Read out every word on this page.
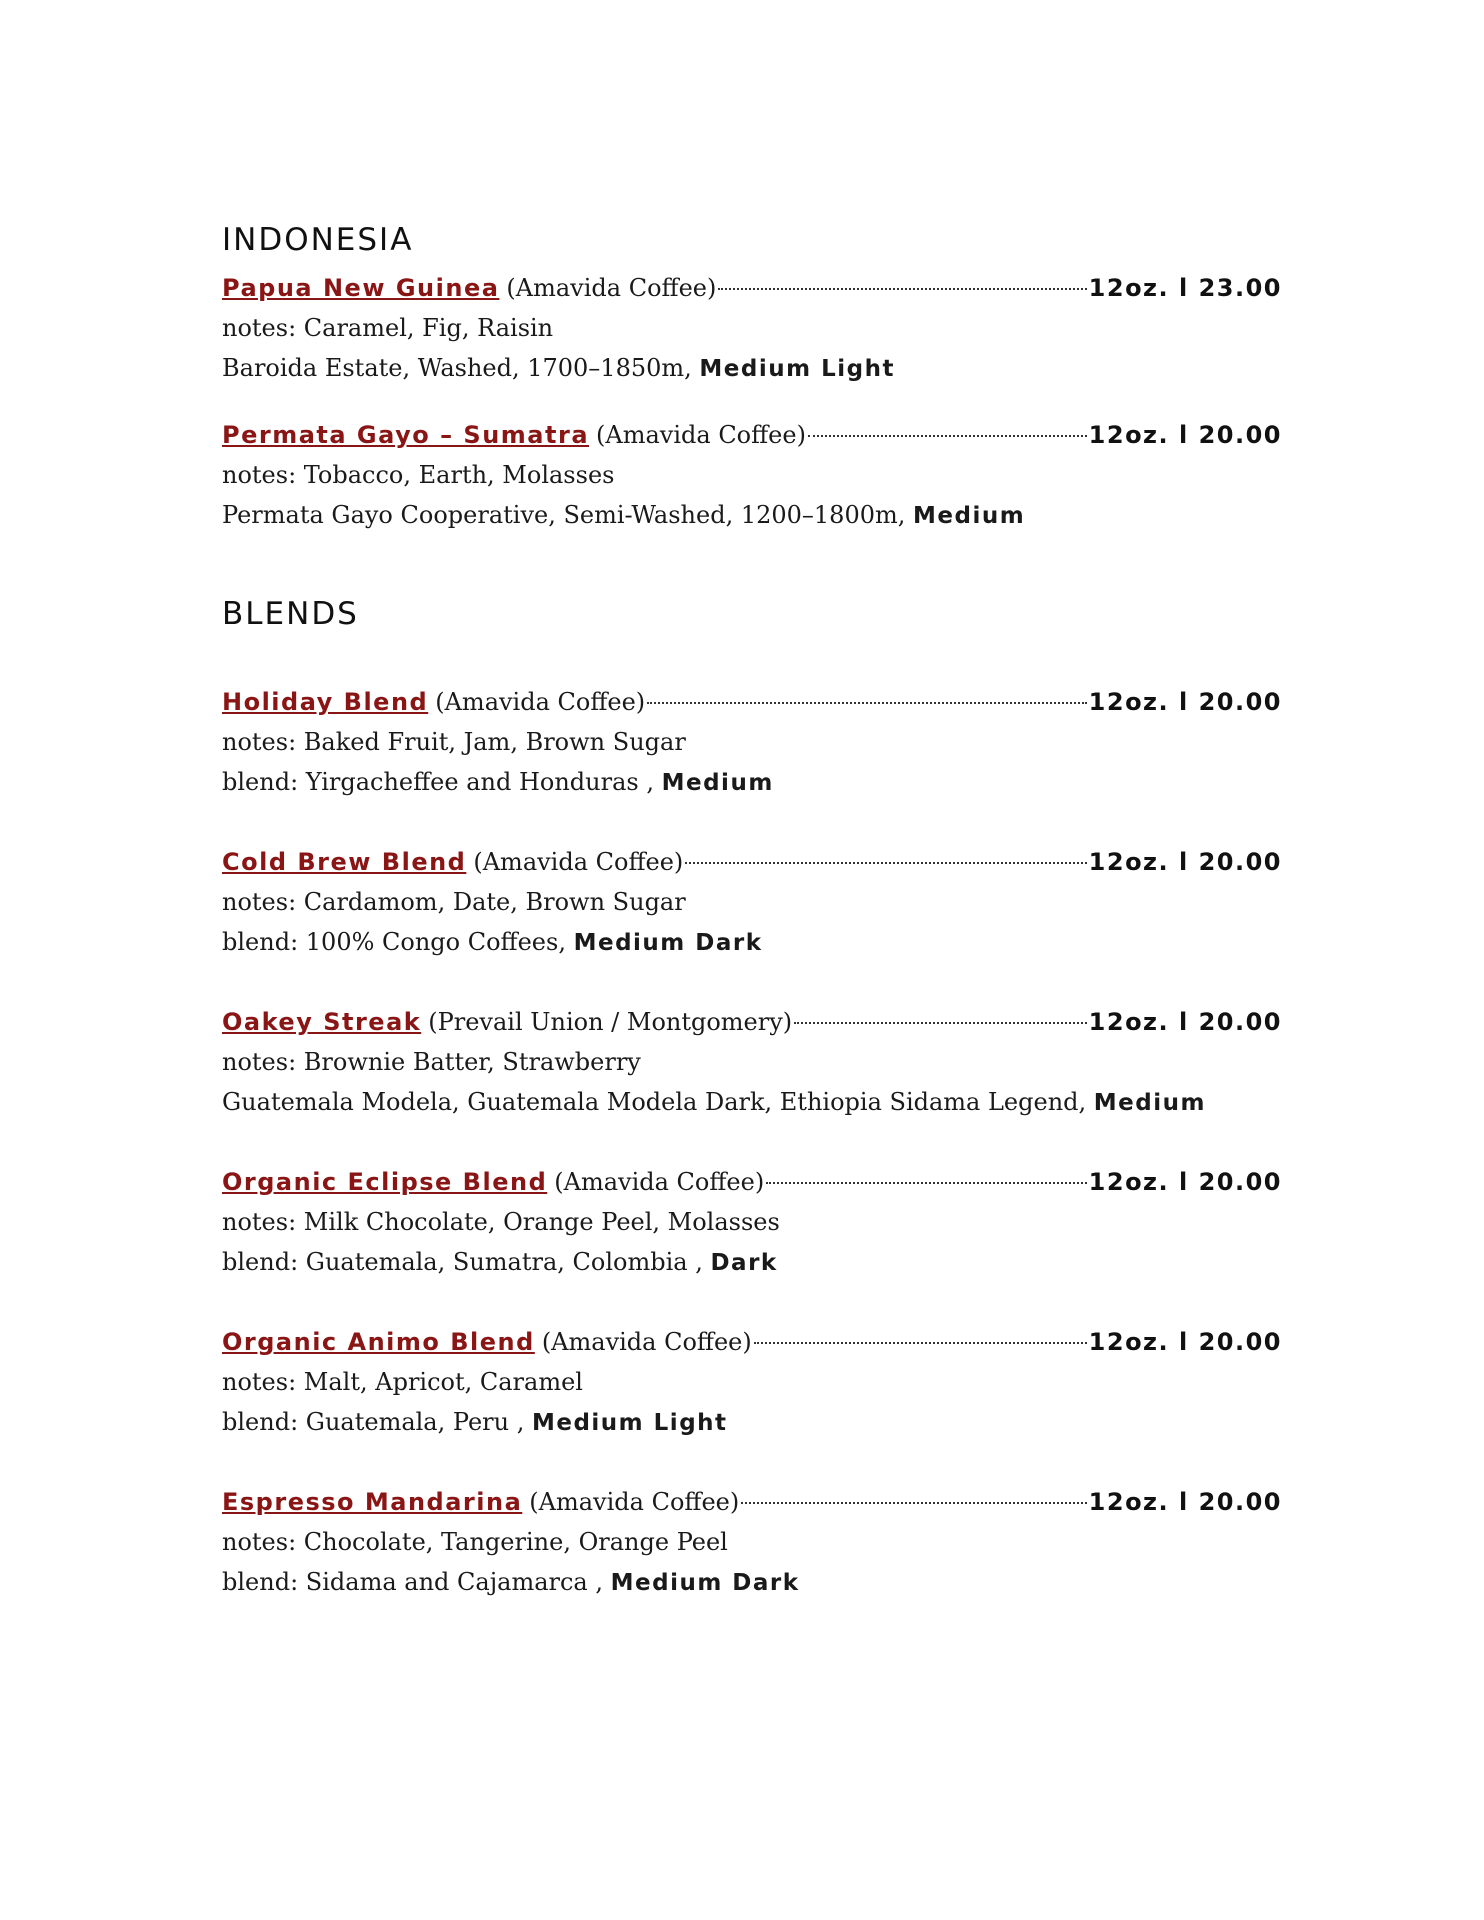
INDONESIA
Papua New Guinea (Amavida Coffee)	12oz. l 23.00
notes: Caramel, Fig, Raisin
Baroida Estate, Washed, 1700–1850m, Medium Light
Permata Gayo – Sumatra (Amavida Coffee)	12oz. l 20.00
notes: Tobacco, Earth, Molasses
Permata Gayo Cooperative, Semi-Washed, 1200–1800m, Medium
BLENDS
Holiday Blend (Amavida Coffee)	12oz. l 20.00
notes: Baked Fruit, Jam, Brown Sugar
blend: Yirgacheffee and Honduras , Medium
Cold Brew Blend (Amavida Coffee)	12oz. l 20.00
notes: Cardamom, Date, Brown Sugar
blend: 100% Congo Coffees, Medium Dark
Oakey Streak (Prevail Union / Montgomery)	12oz. l 20.00
notes: Brownie Batter, Strawberry
Guatemala Modela, Guatemala Modela Dark, Ethiopia Sidama Legend, Medium
Organic Eclipse Blend (Amavida Coffee)	12oz. l 20.00
notes: Milk Chocolate, Orange Peel, Molasses
blend: Guatemala, Sumatra, Colombia , Dark
Organic Animo Blend (Amavida Coffee)	12oz. l 20.00
notes: Malt, Apricot, Caramel
blend: Guatemala, Peru , Medium Light
Espresso Mandarina (Amavida Coffee)	12oz. l 20.00
notes: Chocolate, Tangerine, Orange Peel
blend: Sidama and Cajamarca , Medium Dark
